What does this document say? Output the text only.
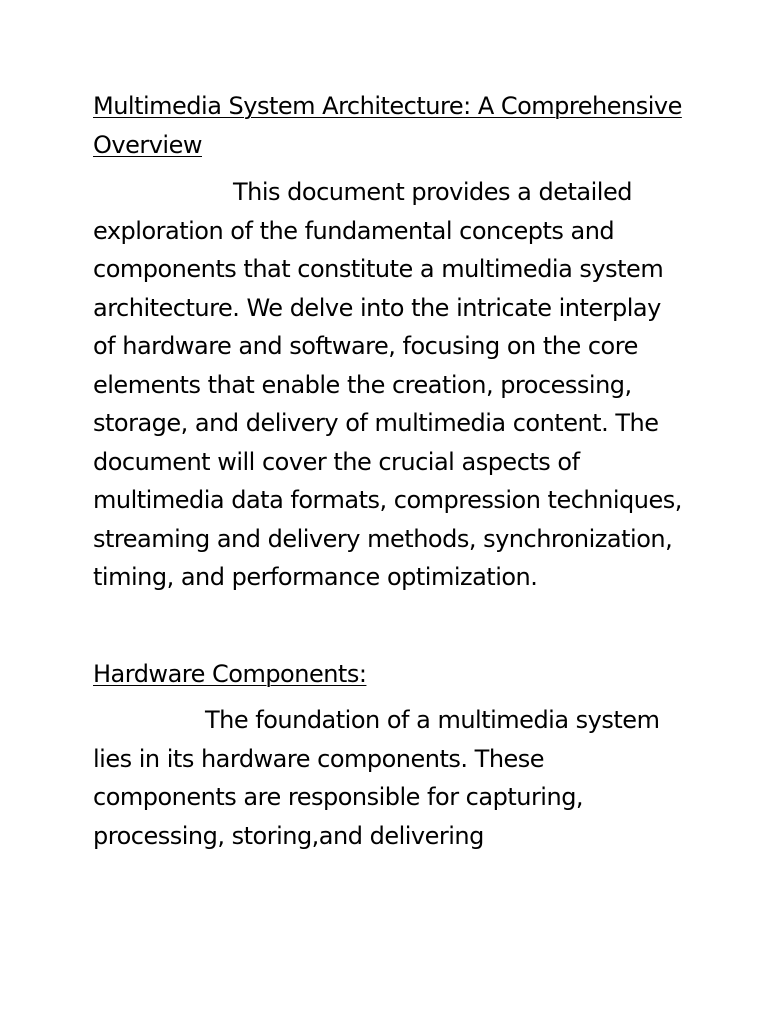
Multimedia System Architecture: A Comprehensive Overview

This document provides a detailed exploration of the fundamental concepts and components that constitute a multimedia system architecture. We delve into the intricate interplay of hardware and software, focusing on the core elements that enable the creation, processing, storage, and delivery of multimedia content. The document will cover the crucial aspects of multimedia data formats, compression techniques, streaming and delivery methods, synchronization, timing, and performance optimization.

Hardware Components:

The foundation of a multimedia system lies in its hardware components. These components are responsible for capturing, processing, storing,and delivering
